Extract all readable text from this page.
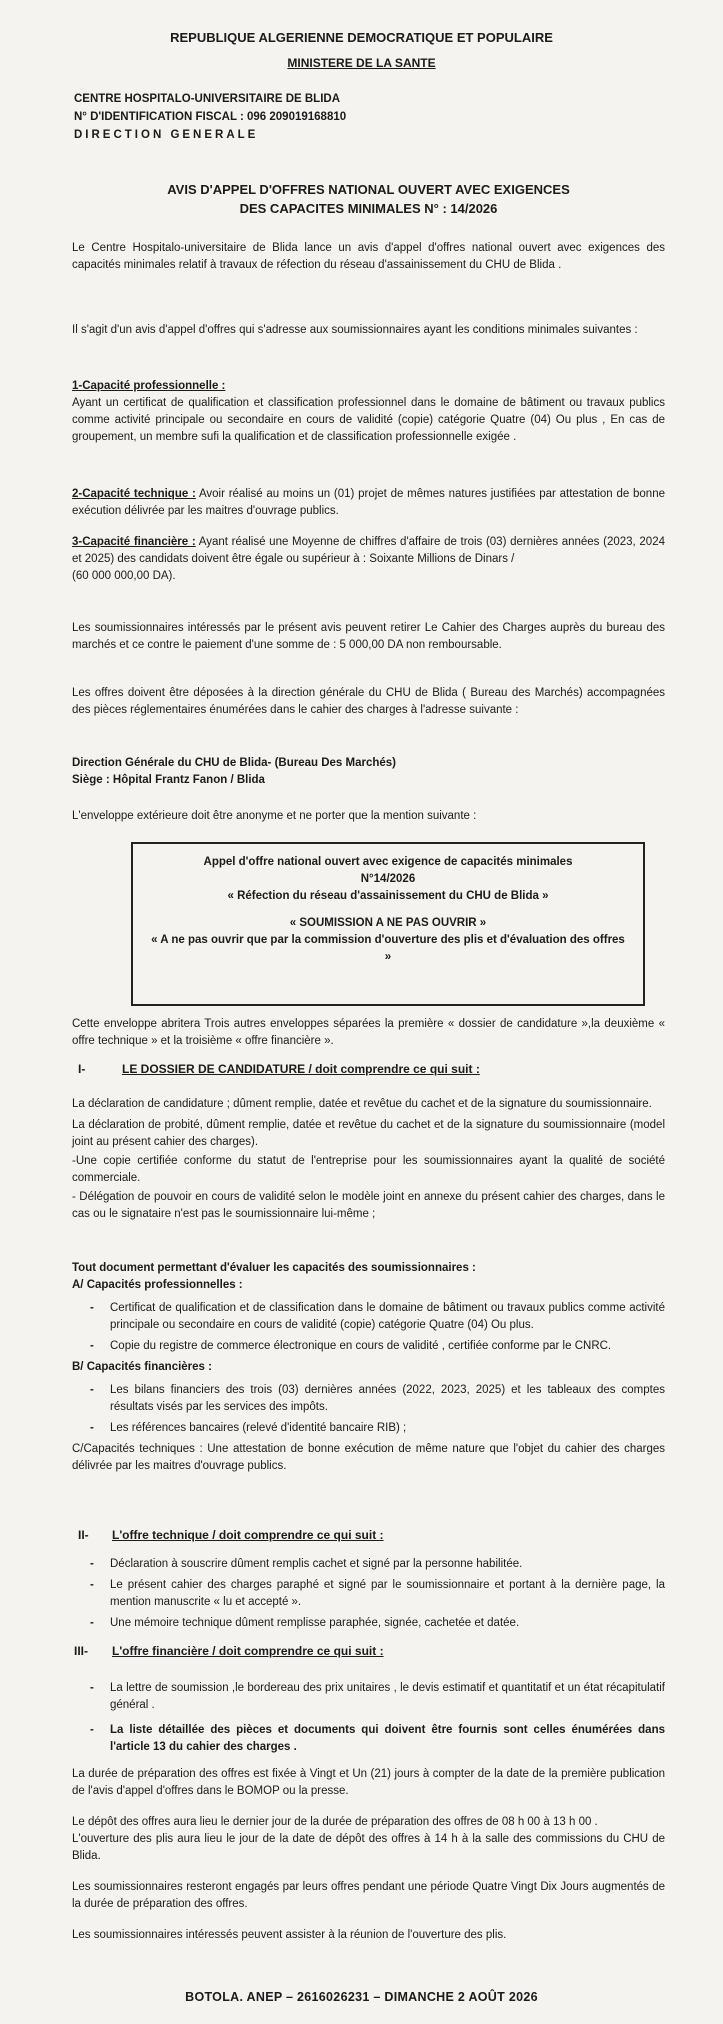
REPUBLIQUE ALGERIENNE DEMOCRATIQUE ET POPULAIRE
MINISTERE DE LA SANTE
CENTRE HOSPITALO-UNIVERSITAIRE DE BLIDA
N° D'IDENTIFICATION FISCAL : 096 209019168810
DIRECTION GENERALE
AVIS D'APPEL D'OFFRES NATIONAL OUVERT AVEC EXIGENCES
DES CAPACITES MINIMALES N° : 14/2026

Le Centre Hospitalo-universitaire de Blida lance un avis d'appel d'offres national ouvert avec exigences des capacités minimales relatif à travaux de réfection du réseau d'assainissement du CHU de Blida .

Il s'agit d'un avis d'appel d'offres qui s'adresse aux soumissionnaires ayant les conditions minimales suivantes :

1-Capacité professionnelle :

Ayant un certificat de qualification et classification professionnel dans le domaine de bâtiment ou travaux publics comme activité principale ou secondaire en cours de validité (copie) catégorie Quatre (04) Ou plus , En cas de groupement, un membre sufi la qualification et de classification professionnelle exigée .

2-Capacité technique : Avoir réalisé au moins un (01) projet de mêmes natures justifiées par attestation de bonne exécution délivrée par les maitres d'ouvrage publics.

3-Capacité financière : Ayant réalisé une Moyenne de chiffres d'affaire de trois (03) dernières années (2023, 2024 et 2025) des candidats doivent être égale ou supérieur à : Soixante Millions de Dinars /

(60 000 000,00 DA).

Les soumissionnaires intéressés par le présent avis peuvent retirer Le Cahier des Charges auprès du bureau des marchés et ce contre le paiement d'une somme de : 5 000,00 DA non remboursable.

Les offres doivent être déposées à la direction générale du CHU de Blida ( Bureau des Marchés) accompagnées des pièces réglementaires énumérées dans le cahier des charges à l'adresse suivante :

Direction Générale du CHU de Blida- (Bureau Des Marchés)

Siège : Hôpital Frantz Fanon / Blida

L'enveloppe extérieure doit être anonyme et ne porter que la mention suivante :

Appel d'offre national ouvert avec exigence de capacités minimales
N°14/2026
« Réfection du réseau d'assainissement du CHU de Blida »
« SOUMISSION A NE PAS OUVRIR »
« A ne pas ouvrir que par la commission d'ouverture des plis et d'évaluation des offres »

Cette enveloppe abritera Trois autres enveloppes séparées la première « dossier de candidature »,la deuxième « offre technique » et la troisième « offre financière ».

I-	LE DOSSIER DE CANDIDATURE / doit comprendre ce qui suit :

La déclaration de candidature ; dûment remplie, datée et revêtue du cachet et de la signature du soumissionnaire.

La déclaration de probité, dûment remplie, datée et revêtue du cachet et de la signature du soumissionnaire (model joint au présent cahier des charges).

-Une copie certifiée conforme du statut de l'entreprise pour les soumissionnaires ayant la qualité de société commerciale.

- Délégation de pouvoir en cours de validité selon le modèle joint en annexe du présent cahier des charges, dans le cas ou le signataire n'est pas le soumissionnaire lui-même ;

Tout document permettant d'évaluer les capacités des soumissionnaires :

A/ Capacités professionnelles :

- Certificat de qualification et de classification dans le domaine de bâtiment ou travaux publics comme activité principale ou secondaire en cours de validité (copie) catégorie Quatre (04) Ou plus.
- Copie du registre de commerce électronique en cours de validité , certifiée conforme par le CNRC.

B/ Capacités financières :

- Les bilans financiers des trois (03) dernières années (2022, 2023, 2025) et les tableaux des comptes résultats visés par les services des impôts.
- Les références bancaires (relevé d'identité bancaire RIB) ;

C/Capacités techniques : Une attestation de bonne exécution de même nature que l'objet du cahier des charges délivrée par les maitres d'ouvrage publics.

II- L'offre technique / doit comprendre ce qui suit :
- Déclaration à souscrire dûment remplis cachet et signé par la personne habilitée.
- Le présent cahier des charges paraphé et signé par le soumissionnaire et portant à la dernière page, la mention manuscrite « lu et accepté ».
- Une mémoire technique dûment remplisse paraphée, signée, cachetée et datée.
III- L'offre financière / doit comprendre ce qui suit :
- La lettre de soumission ,le bordereau des prix unitaires , le devis estimatif et quantitatif et un état récapitulatif général .
- La liste détaillée des pièces et documents qui doivent être fournis sont celles énumérées dans l'article 13 du cahier des charges .

La durée de préparation des offres est fixée à Vingt et Un (21) jours à compter de la date de la première publication de l'avis d'appel d'offres dans le BOMOP ou la presse.

Le dépôt des offres aura lieu le dernier jour de la durée de préparation des offres de 08 h 00 à 13 h 00 .

L'ouverture des plis aura lieu le jour de la date de dépôt des offres à 14 h à la salle des commissions du CHU de Blida.

Les soumissionnaires resteront engagés par leurs offres pendant une période Quatre Vingt Dix Jours augmentés de la durée de préparation des offres.

Les soumissionnaires intéressés peuvent assister à la réunion de l'ouverture des plis.

BOTOLA. ANEP – 2616026231 – DIMANCHE 2 AOÛT 2026
